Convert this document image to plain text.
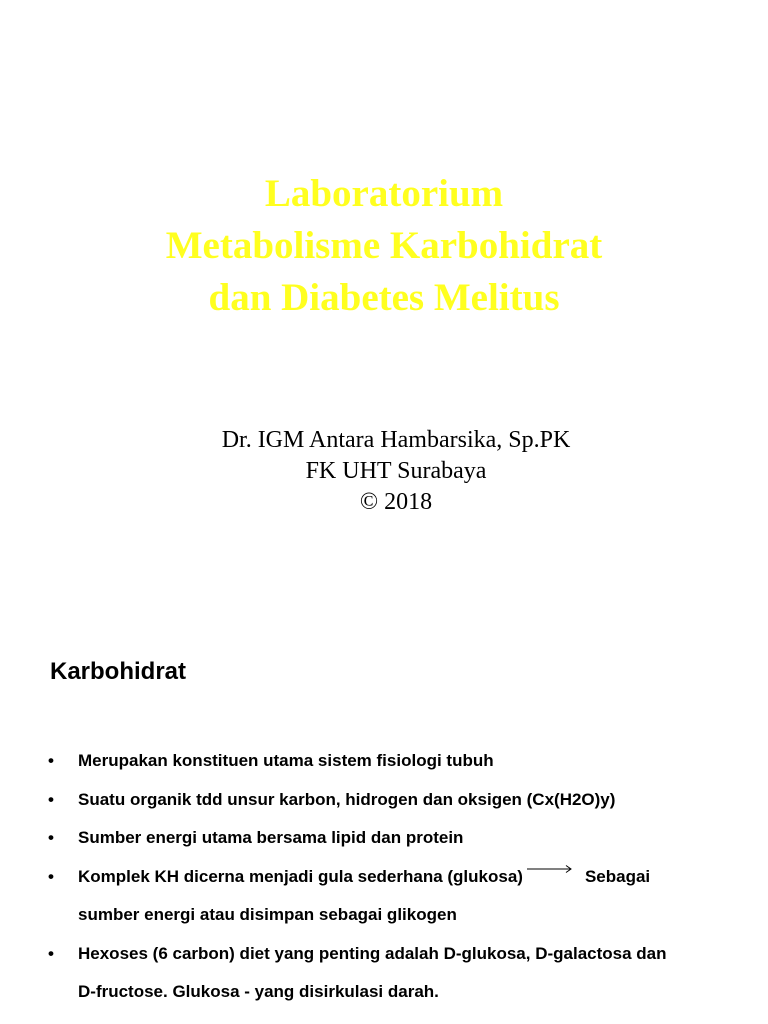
Laboratorium
Metabolisme Karbohidrat
dan Diabetes Melitus
Dr. IGM Antara Hambarsika, Sp.PK
FK UHT Surabaya
© 2018
Karbohidrat
• Merupakan konstituen utama sistem fisiologi tubuh
• Suatu organik tdd unsur karbon, hidrogen dan oksigen (Cx(H2O)y)
• Sumber energi utama bersama lipid dan protein
• Komplek KH dicerna menjadi gula sederhana (glukosa)	Sebagai
sumber energi atau disimpan sebagai glikogen
• Hexoses (6 carbon) diet yang penting adalah D-glukosa, D-galactosa dan
D-fructose. Glukosa - yang disirkulasi darah.
